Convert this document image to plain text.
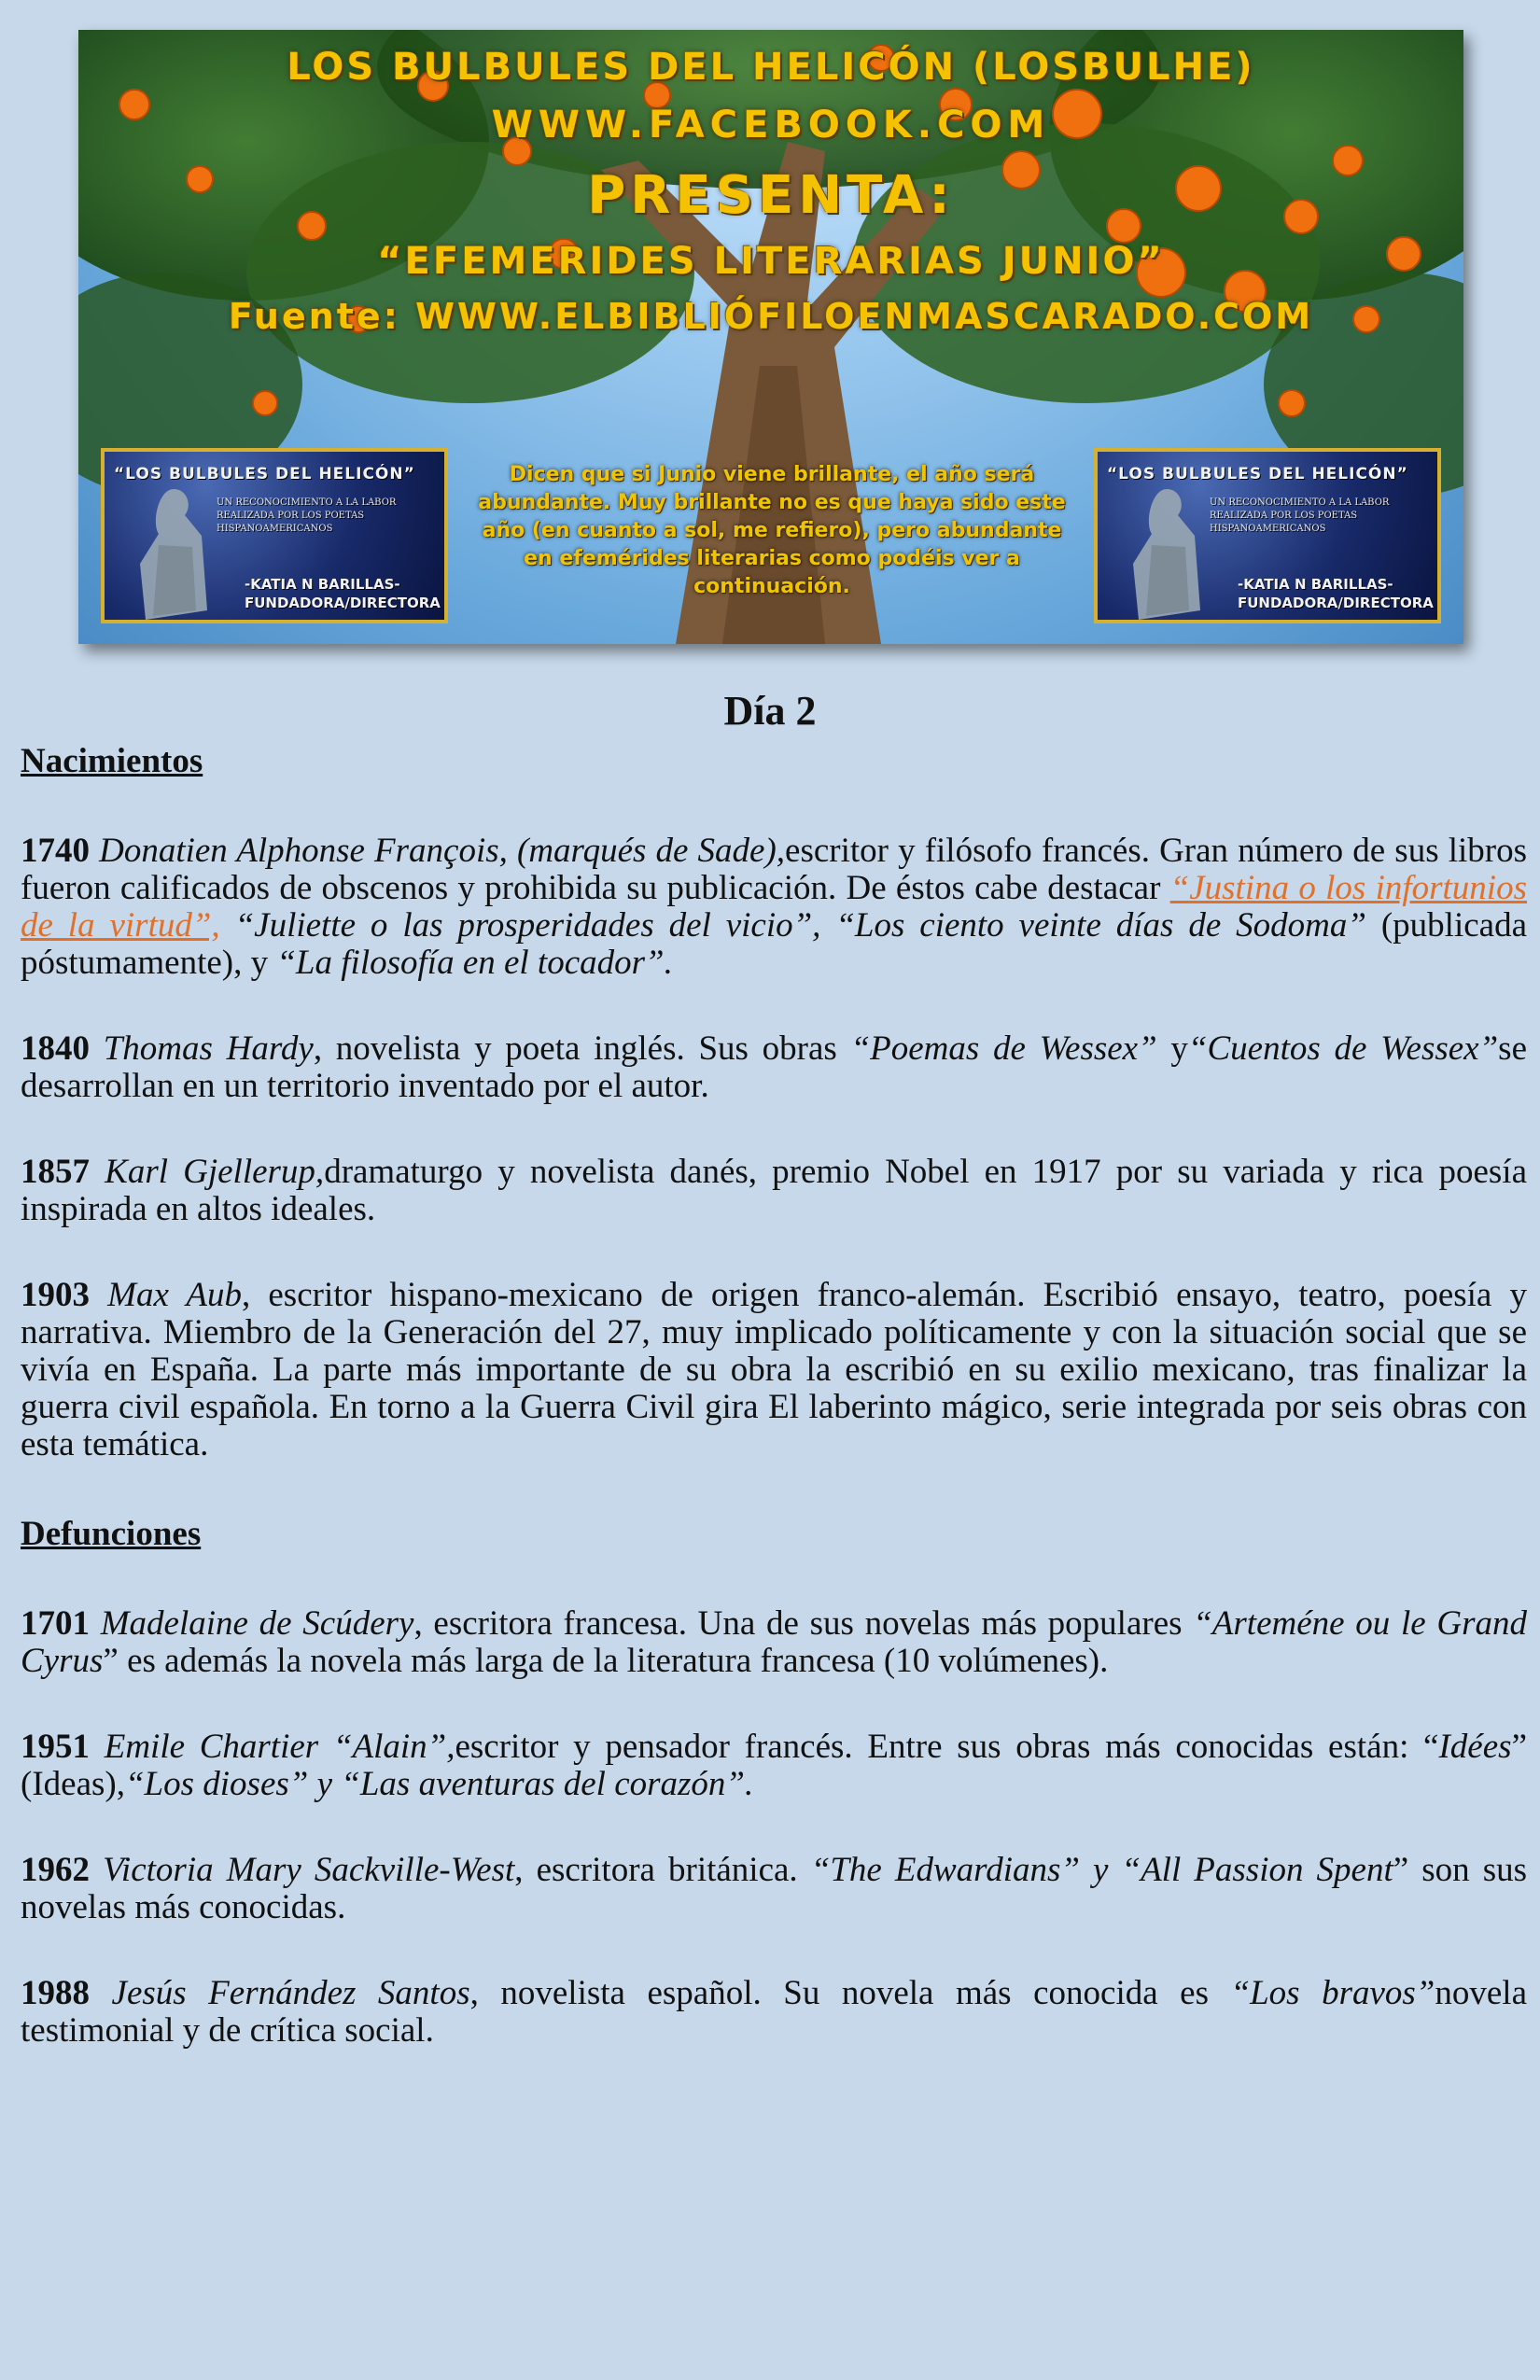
LOS BULBULES DEL HELICÓN (LOSBULHE)
WWW.FACEBOOK.COM
PRESENTA:
“EFEMERIDES LITERARIAS JUNIO”
Fuente: WWW.ELBIBLIÓFILOENMASCARADO.COM
“LOS BULBULES DEL HELICÓN”
UN RECONOCIMIENTO A LA LABOR REALIZADA POR LOS POETAS HISPANOAMERICANOS
-KATIA N BARILLAS- FUNDADORA/DIRECTORA
Dicen que si Junio viene brillante, el año será abundante. Muy brillante no es que haya sido este año (en cuanto a sol, me refiero), pero abundante en efemérides literarias como podéis ver a continuación.
“LOS BULBULES DEL HELICÓN”
UN RECONOCIMIENTO A LA LABOR REALIZADA POR LOS POETAS HISPANOAMERICANOS
-KATIA N BARILLAS- FUNDADORA/DIRECTORA
Día 2
Nacimientos

1740 Donatien Alphonse François, (marqués de Sade),escritor y filósofo francés. Gran número de sus libros fueron calificados de obscenos y prohibida su publicación. De éstos cabe destacar “Justina o los infortunios de la virtud”, “Juliette o las prosperidades del vicio”, “Los ciento veinte días de Sodoma” (publicada póstumamente), y “La filosofía en el tocador”.

1840 Thomas Hardy, novelista y poeta inglés. Sus obras “Poemas de Wessex” y“Cuentos de Wessex”se desarrollan en un territorio inventado por el autor.

1857 Karl Gjellerup,dramaturgo y novelista danés, premio Nobel en 1917 por su variada y rica poesía inspirada en altos ideales.

1903 Max Aub, escritor hispano-mexicano de origen franco-alemán. Escribió ensayo, teatro, poesía y narrativa. Miembro de la Generación del 27, muy implicado políticamente y con la situación social que se vivía en España. La parte más importante de su obra la escribió en su exilio mexicano, tras finalizar la guerra civil española. En torno a la Guerra Civil gira El laberinto mágico, serie integrada por seis obras con esta temática.

Defunciones

1701 Madelaine de Scúdery, escritora francesa. Una de sus novelas más populares “Arteméne ou le Grand Cyrus” es además la novela más larga de la literatura francesa (10 volúmenes).

1951 Emile Chartier “Alain”,escritor y pensador francés. Entre sus obras más conocidas están: “Idées” (Ideas),“Los dioses” y “Las aventuras del corazón”.

1962 Victoria Mary Sackville-West, escritora británica. “The Edwardians” y “All Passion Spent” son sus novelas más conocidas.

1988 Jesús Fernández Santos, novelista español. Su novela más conocida es “Los bravos”novela testimonial y de crítica social.
